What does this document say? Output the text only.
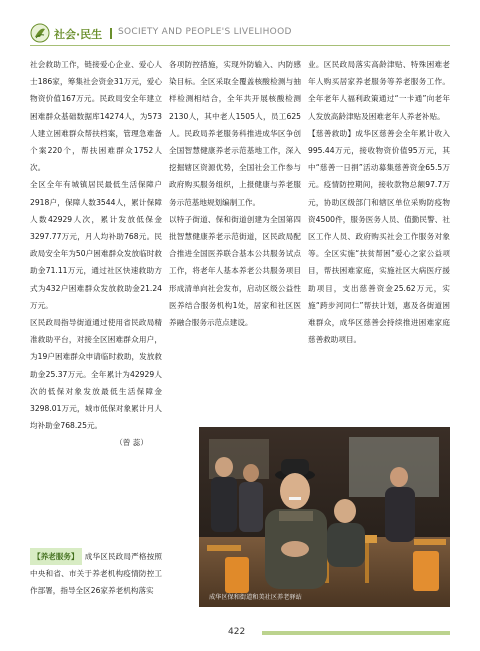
社会·民生 SOCIETY AND PEOPLE'S LIVELIHOOD

社会救助工作，链接爱心企业、爱心人士186家，筹集社会资金31万元，爱心物资价值167万元。民政局安全年建立困难群众基础数据库14274人，为573人建立困难群众帮扶档案，管理急难备个案220个，帮扶困难群众1752人次。

全区全年有城镇居民最低生活保障户2918户，保障人数3544人，累计保障人数42929人次，累计发放低保金3297.77万元，月人均补助768元。民政局安全年为50户困难群众发放临时救助金71.11万元，通过社区快速救助方式为432户困难群众发放救助金21.24万元。

区民政局指导街道通过使用省民政局精准救助平台，对接全区困难群众用户，为19户困难群众申请临时救助，发放救助金25.37万元。全年累计为42929人次的低保对象发放最低生活保障金3298.01万元，城市低保对象累计月人均补助金768.25元。

（曾 蕊）

【养老服务】 成华区民政局严格按照中央和省、市关于养老机构疫情防控工作部署，指导全区26家养老机构落实

各项防控措施，实现外防输入、内防感染目标。全区采取全覆盖核酸检测与抽样检测相结合，全年共开展核酸检测2130人，其中老人1505人，员工625人。民政局养老服务科推进成华区争创全国智慧健康养老示范基地工作，深入挖掘辖区资源优势，全国社会工作参与政府购买服务组织，上报健康与养老服务示范基地规划编制工作。

以特子街道、保和街道创建为全国第四批智慧健康养老示范街道，区民政局配合推进全国医养联合基本公共服务试点工作，将老年人基本养老公共服务项目形成清单向社会发布，启动区级公益性医养结合服务机构1处，居家和社区医养融合服务示范点建设。

业。区民政局落实高龄津贴、特殊困难老年人购买居家养老服务等养老服务工作。全年老年人福利政策通过“一卡通”向老年人发放高龄津贴及困难老年人养老补贴。

【慈善救助】成华区慈善会全年累计收入995.44万元，接收物资价值95万元，其中“慈善一日捐”活动募集慈善资金65.5万元。疫情防控期间，接收款物总额97.7万元，协助区级部门和辖区单位采购防疫物资4500件，服务医务人员、值勤民警、社区工作人员、政府购买社会工作服务对象等。全区实施“扶贫帮困”爱心之家公益项目，帮扶困难家庭，实施社区大病医疗援助项目，支出慈善资金25.62万元，实施“跨步河同仁”帮扶计划，惠及各街道困难群众，成华区慈善会持续推进困难家庭慈善救助项目。

成华区保和街道和美社区养老驿站
422
